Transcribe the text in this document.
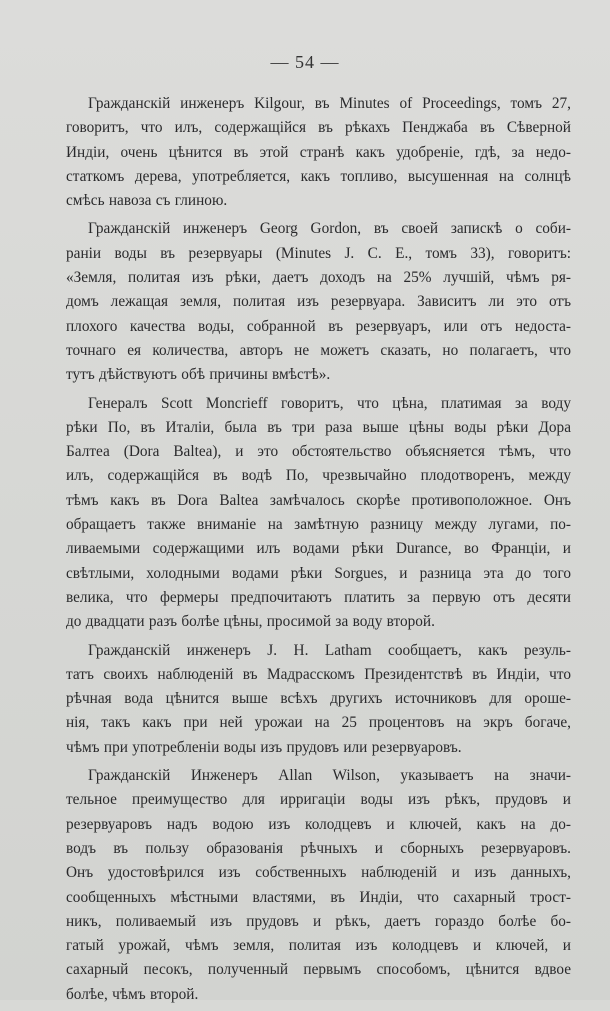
— 54 —

Гражданскій инженеръ Kilgour, въ Minutes of Proceedings, томъ 27,
говоритъ, что илъ, содержащійся въ рѣкахъ Пенджаба въ Сѣверной
Индіи, очень цѣнится въ этой странѣ какъ удобреніе, гдѣ, за недо-
статкомъ дерева, употребляется, какъ топливо, высушенная на солнцѣ
смѣсь навоза съ глиною.

Гражданскій инженеръ Georg Gordon, въ своей запискѣ о соби-
раніи воды въ резервуары (Minutes J. C. E., томъ 33), говоритъ:
«Земля, политая изъ рѣки, даетъ доходъ на 25% лучшій, чѣмъ ря-
домъ лежащая земля, политая изъ резервуара. Зависитъ ли это отъ
плохого качества воды, собранной въ резервуаръ, или отъ недоста-
точнаго ея количества, авторъ не можетъ сказать, но полагаетъ, что
тутъ дѣйствуютъ обѣ причины вмѣстѣ».

Генералъ Scott Moncrieff говоритъ, что цѣна, платимая за воду
рѣки По, въ Италіи, была въ три раза выше цѣны воды рѣки Дора
Балтеа (Dora Baltea), и это обстоятельство объясняется тѣмъ, что
илъ, содержащійся въ водѣ По, чрезвычайно плодотворенъ, между
тѣмъ какъ въ Dora Baltea замѣчалось скорѣе противоположное. Онъ
обращаетъ также вниманіе на замѣтную разницу между лугами, по-
ливаемыми содержащими илъ водами рѣки Durance, во Франціи, и
свѣтлыми, холодными водами рѣки Sorgues, и разница эта до того
велика, что фермеры предпочитаютъ платить за первую отъ десяти
до двадцати разъ болѣе цѣны, просимой за воду второй.

Гражданскій инженеръ J. H. Latham сообщаетъ, какъ резуль-
татъ своихъ наблюденій въ Мадрасскомъ Президентствѣ въ Индіи, что
рѣчная вода цѣнится выше всѣхъ другихъ источниковъ для ороше-
нія, такъ какъ при ней урожаи на 25 процентовъ на экръ богаче,
чѣмъ при употребленіи воды изъ прудовъ или резервуаровъ.

Гражданскій Инженеръ Allan Wilson, указываетъ на значи-
тельное преимущество для ирригаціи воды изъ рѣкъ, прудовъ и
резервуаровъ надъ водою изъ колодцевъ и ключей, какъ на до-
водъ въ пользу образованія рѣчныхъ и сборныхъ резервуаровъ.
Онъ удостовѣрился изъ собственныхъ наблюденій и изъ данныхъ,
сообщенныхъ мѣстными властями, въ Индіи, что сахарный трост-
никъ, поливаемый изъ прудовъ и рѣкъ, даетъ гораздо болѣе бо-
гатый урожай, чѣмъ земля, политая изъ колодцевъ и ключей, и
сахарный песокъ, полученный первымъ способомъ, цѣнится вдвое
болѣе, чѣмъ второй.
